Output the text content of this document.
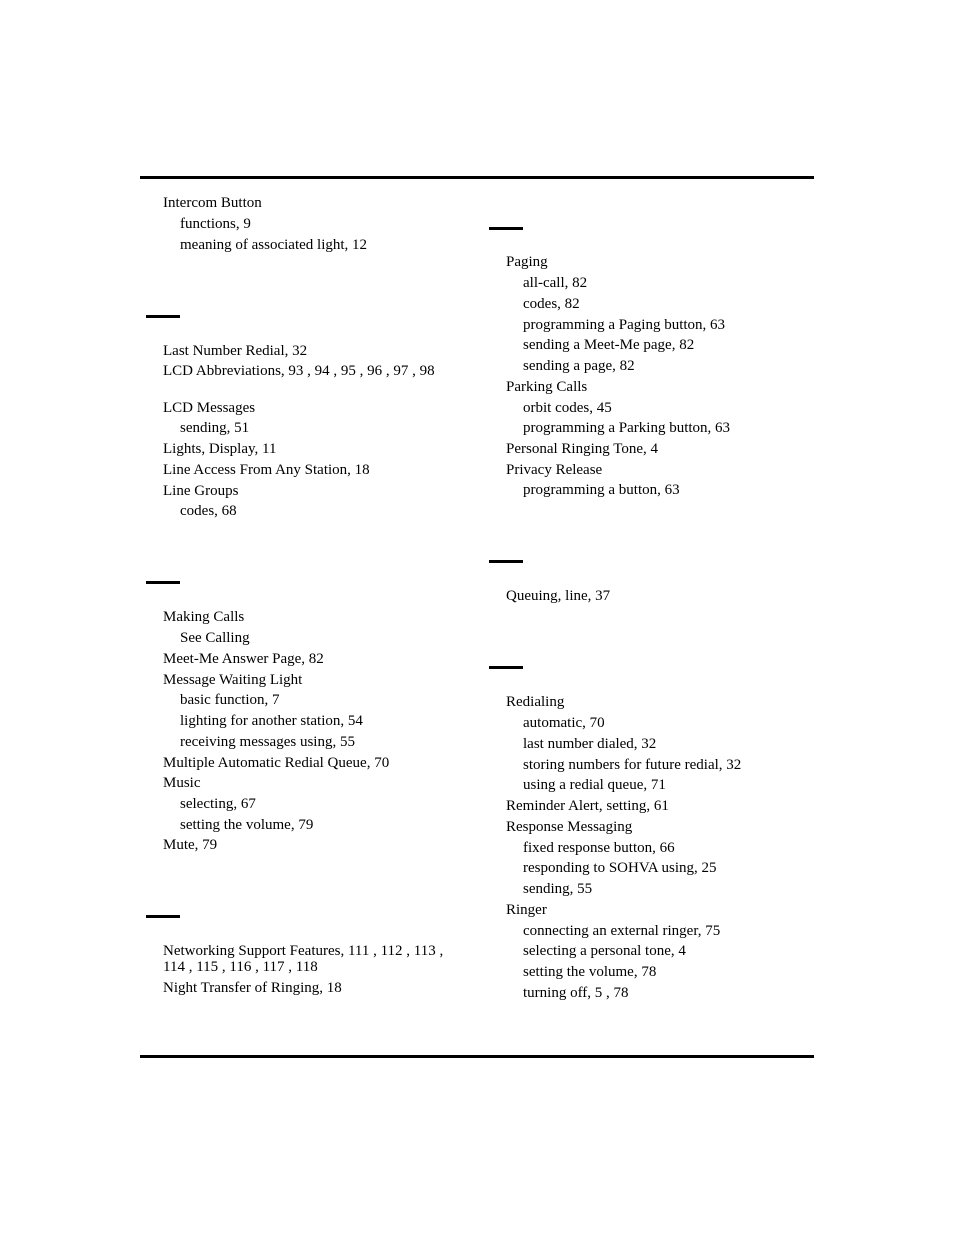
Intercom Button
functions, 9
meaning of associated light, 12
Last Number Redial, 32
LCD Abbreviations, 93 , 94 , 95 , 96 , 97 , 98
LCD Messages
sending, 51
Lights, Display, 11
Line Access From Any Station, 18
Line Groups
codes, 68
Making Calls
See Calling
Meet-Me Answer Page, 82
Message Waiting Light
basic function, 7
lighting for another station, 54
receiving messages using, 55
Multiple Automatic Redial Queue, 70
Music
selecting, 67
setting the volume, 79
Mute, 79
Networking Support Features, 111 , 112 , 113 ,
114 , 115 , 116 , 117 , 118
Night Transfer of Ringing, 18
Paging
all-call, 82
codes, 82
programming a Paging button, 63
sending a Meet-Me page, 82
sending a page, 82
Parking Calls
orbit codes, 45
programming a Parking button, 63
Personal Ringing Tone, 4
Privacy Release
programming a button, 63
Queuing, line, 37
Redialing
automatic, 70
last number dialed, 32
storing numbers for future redial, 32
using a redial queue, 71
Reminder Alert, setting, 61
Response Messaging
fixed response button, 66
responding to SOHVA using, 25
sending, 55
Ringer
connecting an external ringer, 75
selecting a personal tone, 4
setting the volume, 78
turning off, 5 , 78
